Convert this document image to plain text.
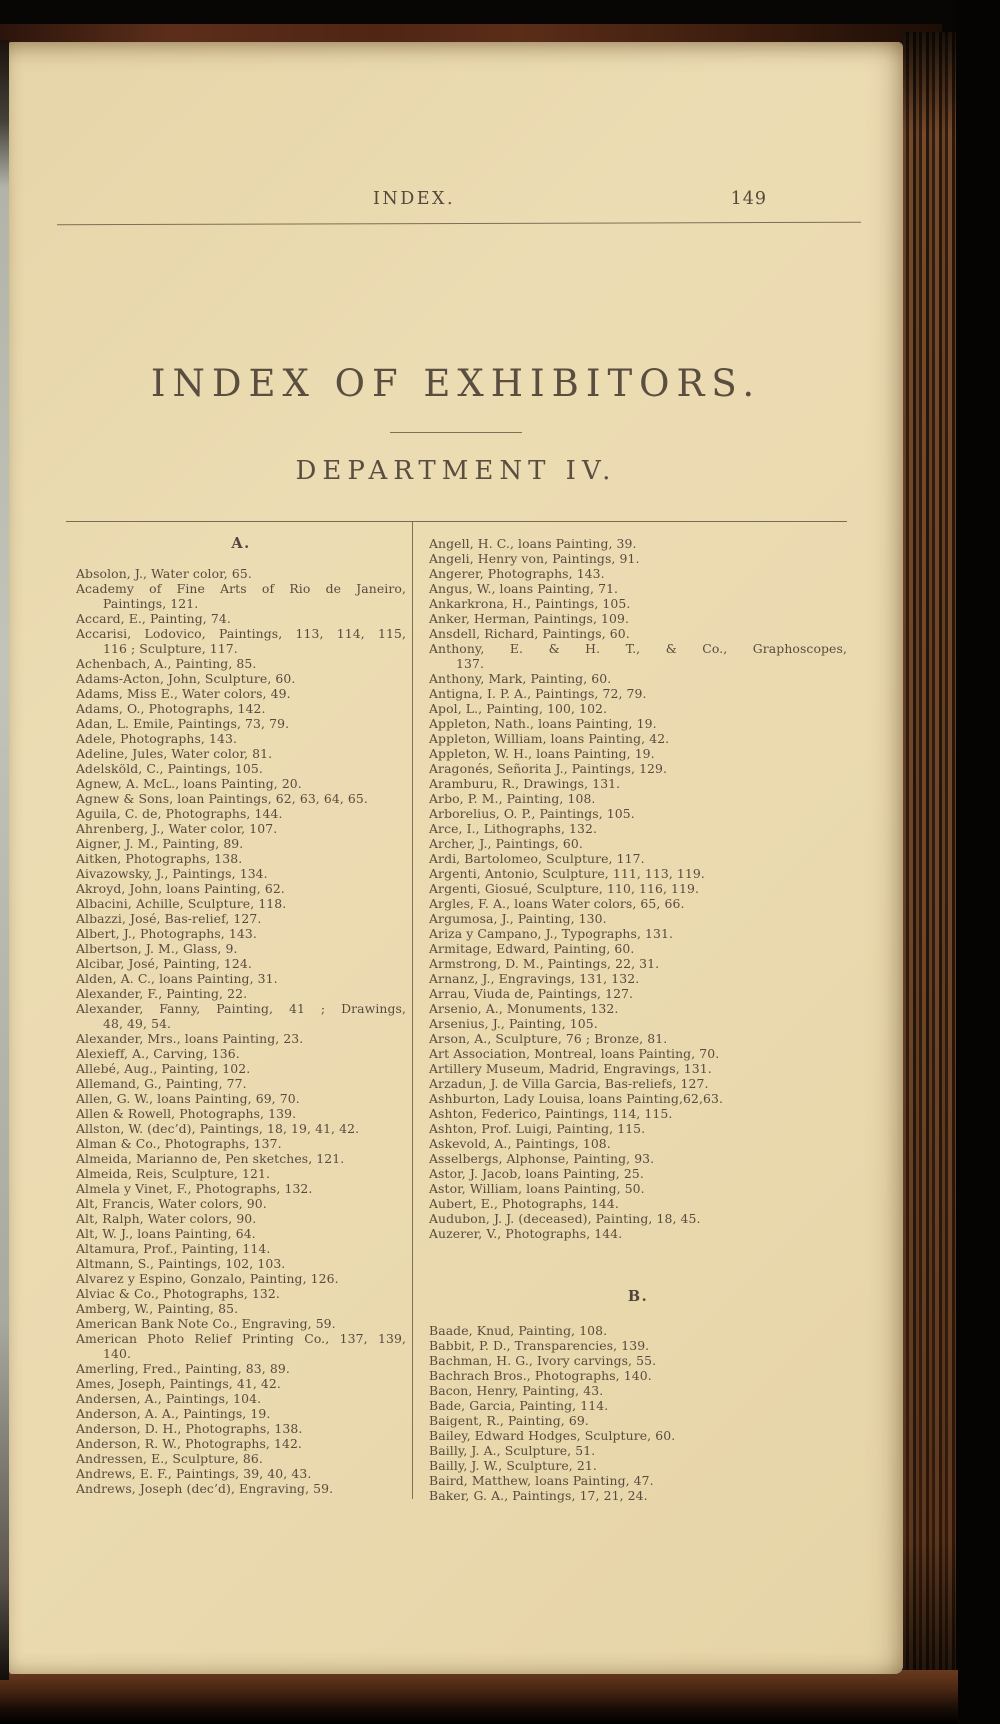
INDEX.	149
INDEX OF EXHIBITORS.
DEPARTMENT IV.
A.
Absolon, J., Water color, 65.
Academy of Fine Arts of Rio de Janeiro,
Paintings, 121.
Accard, E., Painting, 74.
Accarisi, Lodovico, Paintings, 113, 114, 115,
116 ; Sculpture, 117.
Achenbach, A., Painting, 85.
Adams-Acton, John, Sculpture, 60.
Adams, Miss E., Water colors, 49.
Adams, O., Photographs, 142.
Adan, L. Emile, Paintings, 73, 79.
Adele, Photographs, 143.
Adeline, Jules, Water color, 81.
Adelsköld, C., Paintings, 105.
Agnew, A. McL., loans Painting, 20.
Agnew & Sons, loan Paintings, 62, 63, 64, 65.
Aguila, C. de, Photographs, 144.
Ahrenberg, J., Water color, 107.
Aigner, J. M., Painting, 89.
Aitken, Photographs, 138.
Aivazowsky, J., Paintings, 134.
Akroyd, John, loans Painting, 62.
Albacini, Achille, Sculpture, 118.
Albazzi, José, Bas-relief, 127.
Albert, J., Photographs, 143.
Albertson, J. M., Glass, 9.
Alcibar, José, Painting, 124.
Alden, A. C., loans Painting, 31.
Alexander, F., Painting, 22.
Alexander, Fanny, Painting, 41 ; Drawings,
48, 49, 54.
Alexander, Mrs., loans Painting, 23.
Alexieff, A., Carving, 136.
Allebé, Aug., Painting, 102.
Allemand, G., Painting, 77.
Allen, G. W., loans Painting, 69, 70.
Allen & Rowell, Photographs, 139.
Allston, W. (dec’d), Paintings, 18, 19, 41, 42.
Alman & Co., Photographs, 137.
Almeida, Marianno de, Pen sketches, 121.
Almeida, Reis, Sculpture, 121.
Almela y Vinet, F., Photographs, 132.
Alt, Francis, Water colors, 90.
Alt, Ralph, Water colors, 90.
Alt, W. J., loans Painting, 64.
Altamura, Prof., Painting, 114.
Altmann, S., Paintings, 102, 103.
Alvarez y Espino, Gonzalo, Painting, 126.
Alviac & Co., Photographs, 132.
Amberg, W., Painting, 85.
American Bank Note Co., Engraving, 59.
American Photo Relief Printing Co., 137, 139,
140.
Amerling, Fred., Painting, 83, 89.
Ames, Joseph, Paintings, 41, 42.
Andersen, A., Paintings, 104.
Anderson, A. A., Paintings, 19.
Anderson, D. H., Photographs, 138.
Anderson, R. W., Photographs, 142.
Andressen, E., Sculpture, 86.
Andrews, E. F., Paintings, 39, 40, 43.
Andrews, Joseph (dec’d), Engraving, 59.
Angell, H. C., loans Painting, 39.
Angeli, Henry von, Paintings, 91.
Angerer, Photographs, 143.
Angus, W., loans Painting, 71.
Ankarkrona, H., Paintings, 105.
Anker, Herman, Paintings, 109.
Ansdell, Richard, Paintings, 60.
Anthony, E. & H. T., & Co., Graphoscopes,
137.
Anthony, Mark, Painting, 60.
Antigna, I. P. A., Paintings, 72, 79.
Apol, L., Painting, 100, 102.
Appleton, Nath., loans Painting, 19.
Appleton, William, loans Painting, 42.
Appleton, W. H., loans Painting, 19.
Aragonés, Señorita J., Paintings, 129.
Aramburu, R., Drawings, 131.
Arbo, P. M., Painting, 108.
Arborelius, O. P., Paintings, 105.
Arce, I., Lithographs, 132.
Archer, J., Paintings, 60.
Ardi, Bartolomeo, Sculpture, 117.
Argenti, Antonio, Sculpture, 111, 113, 119.
Argenti, Giosué, Sculpture, 110, 116, 119.
Argles, F. A., loans Water colors, 65, 66.
Argumosa, J., Painting, 130.
Ariza y Campano, J., Typographs, 131.
Armitage, Edward, Painting, 60.
Armstrong, D. M., Paintings, 22, 31.
Arnanz, J., Engravings, 131, 132.
Arrau, Viuda de, Paintings, 127.
Arsenio, A., Monuments, 132.
Arsenius, J., Painting, 105.
Arson, A., Sculpture, 76 ; Bronze, 81.
Art Association, Montreal, loans Painting, 70.
Artillery Museum, Madrid, Engravings, 131.
Arzadun, J. de Villa Garcia, Bas-reliefs, 127.
Ashburton, Lady Louisa, loans Painting,62,63.
Ashton, Federico, Paintings, 114, 115.
Ashton, Prof. Luigi, Painting, 115.
Askevold, A., Paintings, 108.
Asselbergs, Alphonse, Painting, 93.
Astor, J. Jacob, loans Painting, 25.
Astor, William, loans Painting, 50.
Aubert, E., Photographs, 144.
Audubon, J. J. (deceased), Painting, 18, 45.
Auzerer, V., Photographs, 144.
B.
Baade, Knud, Painting, 108.
Babbit, P. D., Transparencies, 139.
Bachman, H. G., Ivory carvings, 55.
Bachrach Bros., Photographs, 140.
Bacon, Henry, Painting, 43.
Bade, Garcia, Painting, 114.
Baigent, R., Painting, 69.
Bailey, Edward Hodges, Sculpture, 60.
Bailly, J. A., Sculpture, 51.
Bailly, J. W., Sculpture, 21.
Baird, Matthew, loans Painting, 47.
Baker, G. A., Paintings, 17, 21, 24.
